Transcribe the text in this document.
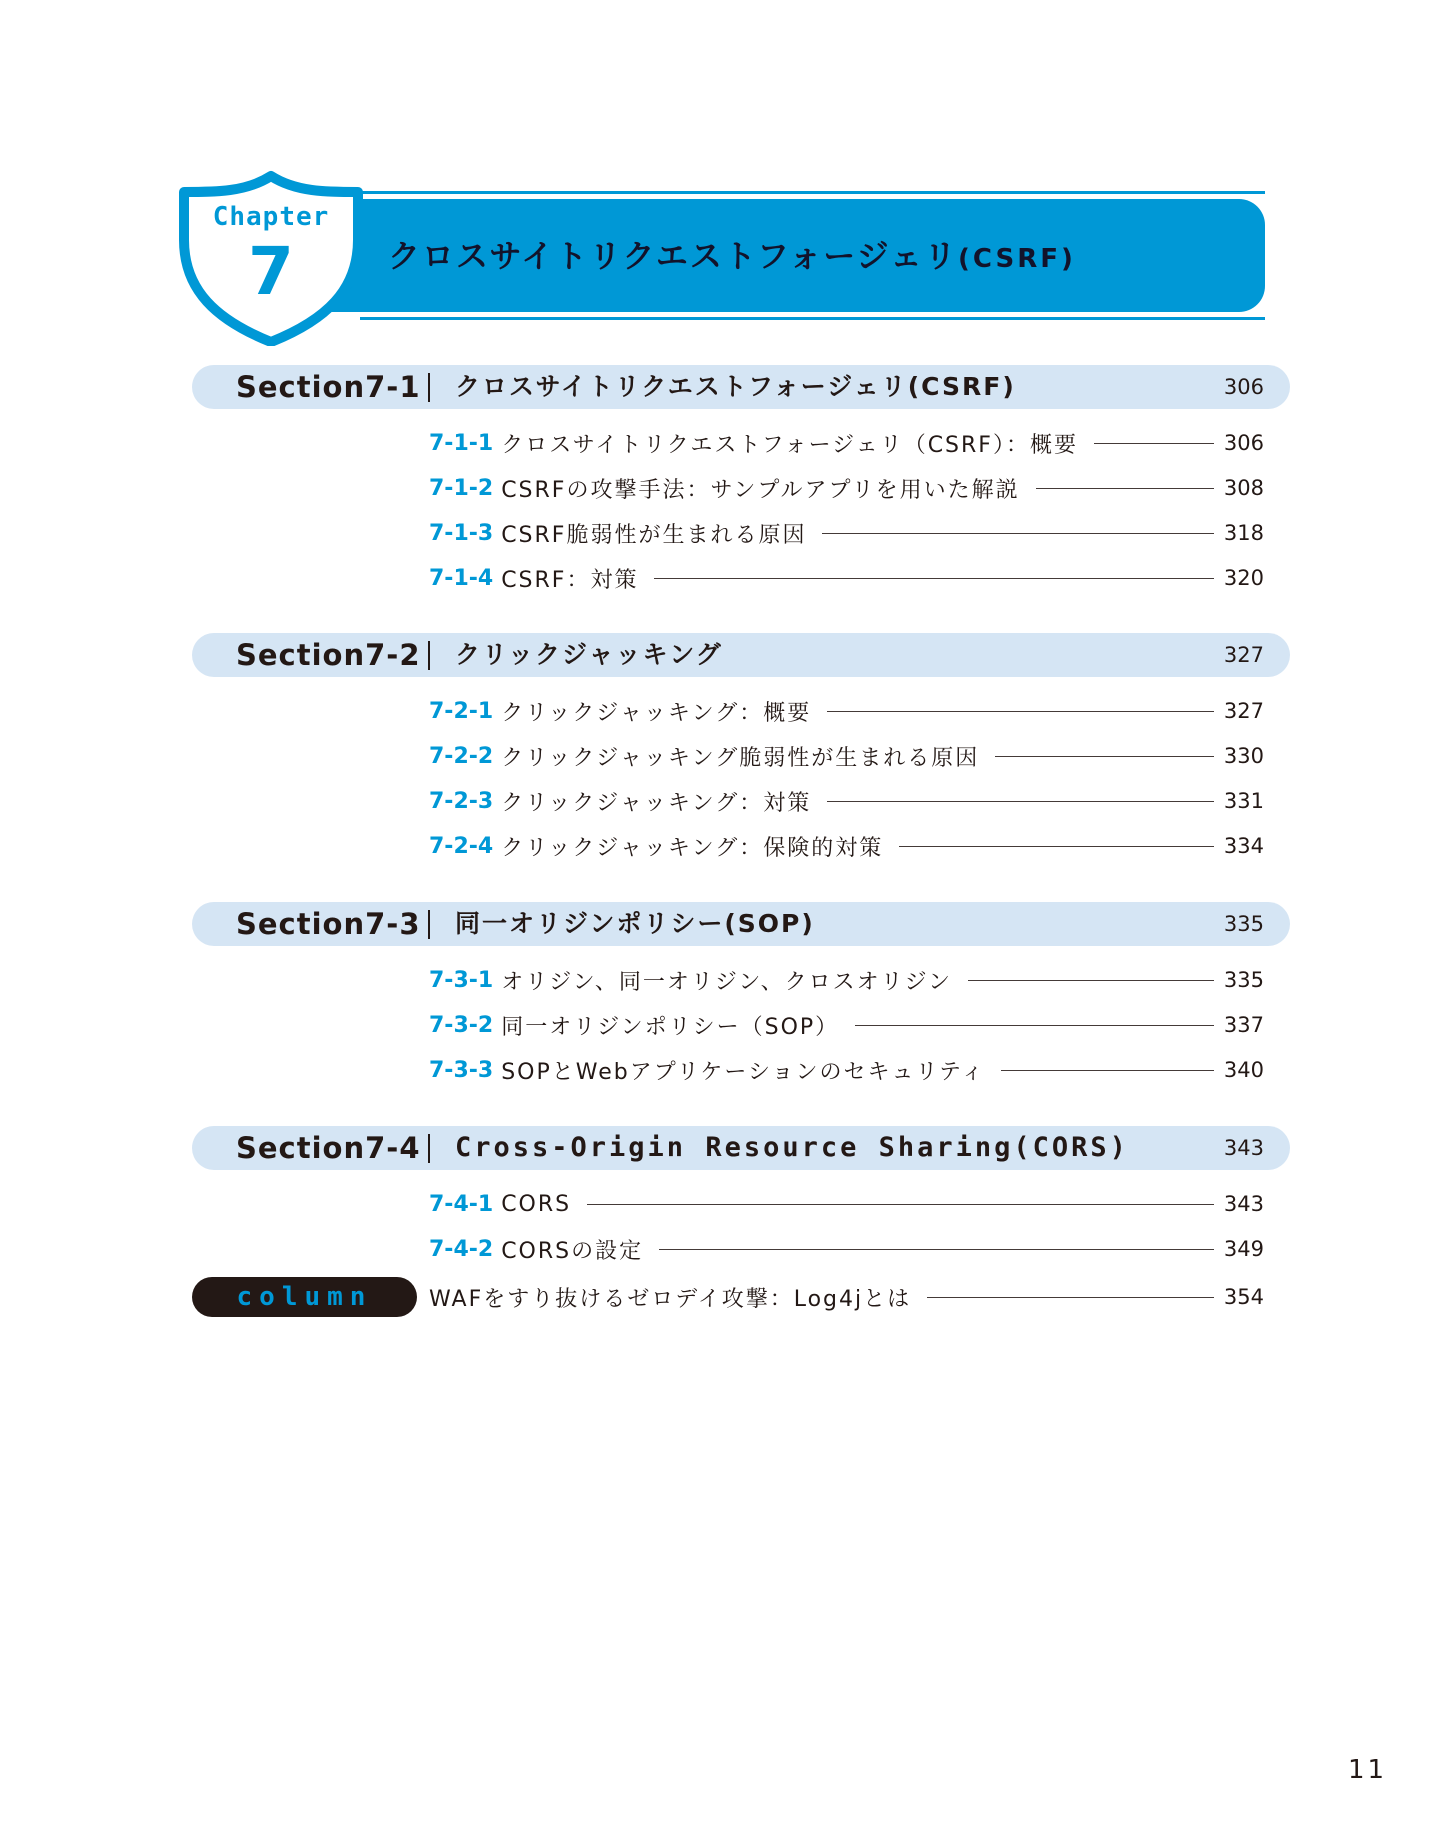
Chapter
7	クロスサイトリクエストフォージェリ(CSRF)
Section7-1 クロスサイトリクエストフォージェリ(CSRF)	306
7-1-1 クロスサイトリクエストフォージェリ（CSRF）：概要	306
7-1-2 CSRFの攻撃手法：サンプルアプリを用いた解説	308
7-1-3 CSRF脆弱性が生まれる原因	318
7-1-4 CSRF：対策	320
Section7-2 クリックジャッキング	327
7-2-1 クリックジャッキング：概要	327
7-2-2 クリックジャッキング脆弱性が生まれる原因	330
7-2-3 クリックジャッキング：対策	331
7-2-4 クリックジャッキング：保険的対策	334
Section7-3 同一オリジンポリシー(SOP)	335
7-3-1 オリジン、同一オリジン、クロスオリジン	335
7-3-2 同一オリジンポリシー（SOP）	337
7-3-3 SOPとWebアプリケーションのセキュリティ	340
Section7-4 Cross-Origin Resource Sharing(CORS)	343
7-4-1 CORS	343
7-4-2 CORSの設定	349
column	WAFをすり抜けるゼロデイ攻撃：Log4jとは	354
11
